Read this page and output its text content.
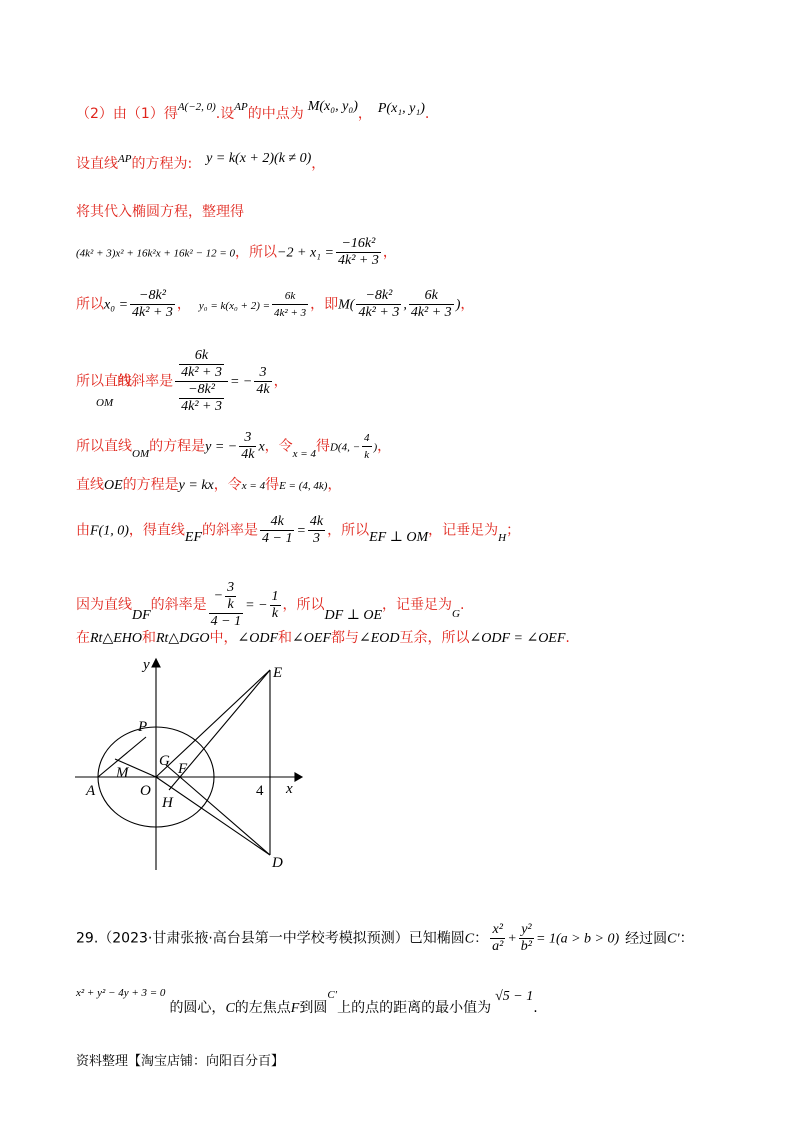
（2）由（1）得$^{A(-2, 0)}$.设$^{AP}$的中点为 M(x₀, y₀)， P(x₁, y₁).
设直线$^{AP}$的方程为: y = k(x + 2)(k ≠ 0)，
将其代入椭圆方程，整理得
(4k² + 3)x² + 16k²x + 16k² − 12 = 0，所以$-2 + x_1 = \frac{\text{−16k²}}{\text{4k² + 3}}$ ，
所以$x_0 = \frac{\text{−8k²}}{\text{4k² + 3}}$ ， $y_0 = k(x_0 + 2) = \frac{6k}{\text{4k² + 3}}$ ，即$M( \frac{\text{−8k²}}{\text{4k² + 3}}$ , $\frac{6k}{\text{4k² + 3}}$ )，
所以直线$_{OM}$的斜率是 $\frac{\frac{6k}{\text{4k² + 3}}}{\frac{\text{−8k²}}{\text{4k² + 3}}}$ = − $\frac{3}{4k}$ ，
所以直线$_{OM}$的方程是y = − $\frac{3}{4k}$ x，令$_{x = 4}$得D(4, − $\frac{4}{k}$ )，
直线OE的方程是y = kx，令x = 4得E = (4, 4k)，
由F(1, 0)，得直线EF的斜率是 $\frac{4k}{4 - 1} = \frac{4k}{3}$ ，所以EF ⊥ OM，记垂足为$_H$；
因为直线DF的斜率是 $\frac{- \frac{3}{k}}{4 - 1}$ = − $\frac{1}{k}$ ，所以DF ⊥ OE，记垂足为$_G$.
在Rt△EHO和Rt△DGO中，∠ODF和∠OEF都与∠EOD互余，所以∠ODF = ∠OEF.
y
x
E
P
M
G F
A	O
H
4
D
29.（2023·甘肃张掖·高台县第一中学校考模拟预测）已知椭圆C： $\frac{\text{x²}}{\text{a²}} + \frac{\text{y²}}{\text{b²}} = 1(a > b > 0)$ 经过圆C′：
$^{x^2 + y^2 - 4y + 3 = 0}$的圆心，C的左焦点F到圆$^{C'}$上的点的距离的最小值为√5 − 1.
资料整理【淘宝店铺：向阳百分百】
